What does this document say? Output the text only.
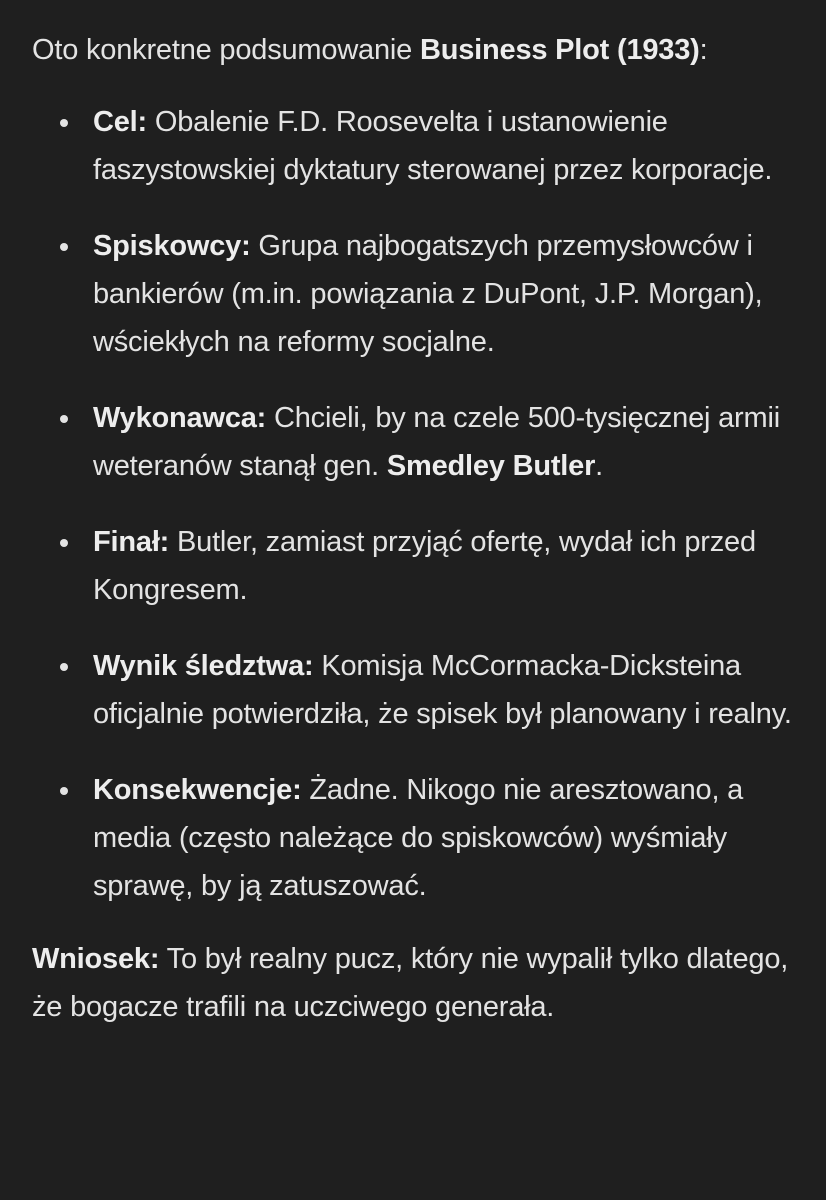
Oto konkretne podsumowanie Business Plot (1933):

Cel: Obalenie F.D. Roosevelta i ustanowienie faszystowskiej dyktatury sterowanej przez korporacje.
Spiskowcy: Grupa najbogatszych przemysłowców i bankierów (m.in. powiązania z DuPont, J.P. Morgan), wściekłych na reformy socjalne.
Wykonawca: Chcieli, by na czele 500-tysięcznej armii weteranów stanął gen. Smedley Butler.
Finał: Butler, zamiast przyjąć ofertę, wydał ich przed Kongresem.
Wynik śledztwa: Komisja McCormacka-Dicksteina oficjalnie potwierdziła, że spisek był planowany i realny.
Konsekwencje: Żadne. Nikogo nie aresztowano, a media (często należące do spiskowców) wyśmiały sprawę, by ją zatuszować.

Wniosek: To był realny pucz, który nie wypalił tylko dlatego, że bogacze trafili na uczciwego generała.
